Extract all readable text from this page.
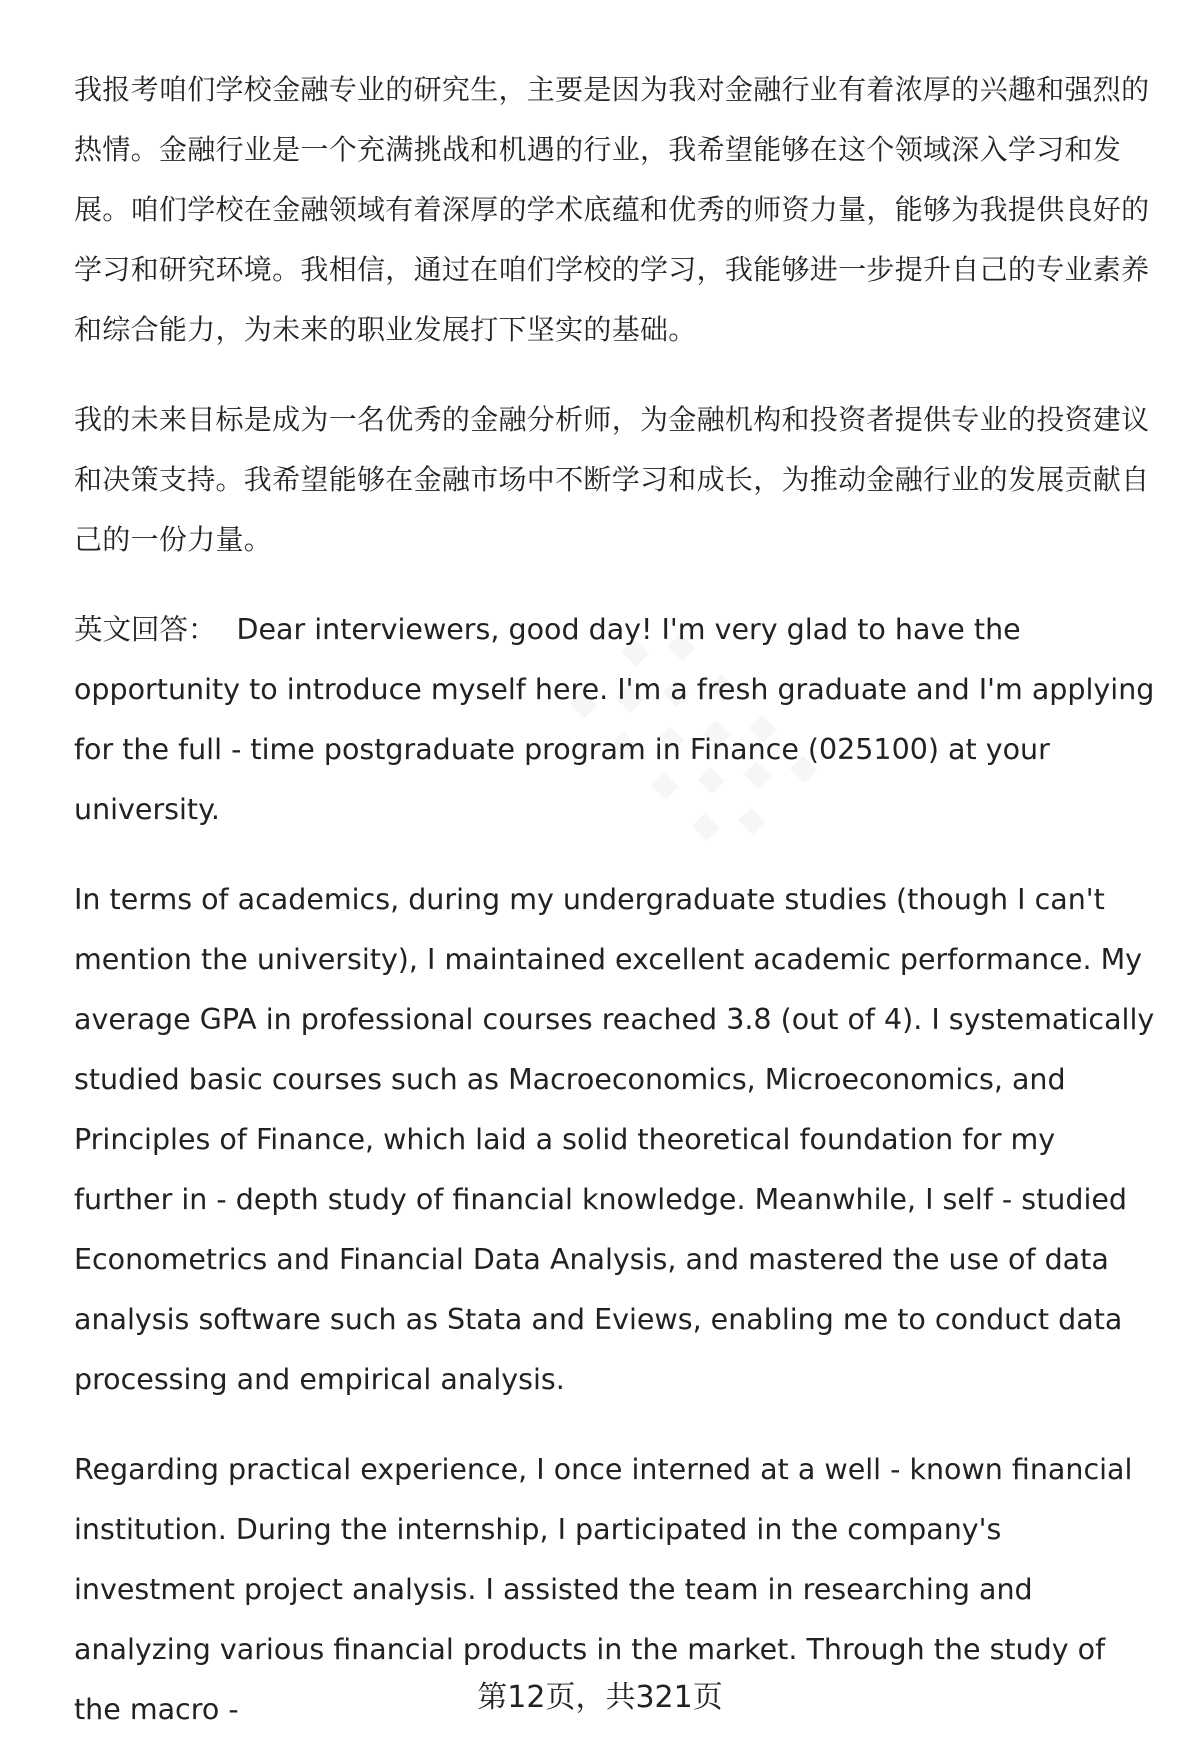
我报考咱们学校金融专业的研究生，主要是因为我对金融行业有着浓厚的兴趣和强烈的热情。金融行业是一个充满挑战和机遇的行业，我希望能够在这个领域深入学习和发展。咱们学校在金融领域有着深厚的学术底蕴和优秀的师资力量，能够为我提供良好的学习和研究环境。我相信，通过在咱们学校的学习，我能够进一步提升自己的专业素养和综合能力，为未来的职业发展打下坚实的基础。

我的未来目标是成为一名优秀的金融分析师，为金融机构和投资者提供专业的投资建议和决策支持。我希望能够在金融市场中不断学习和成长，为推动金融行业的发展贡献自己的一份力量。

英文回答： Dear interviewers, good day! I'm very glad to have the opportunity to introduce myself here. I'm a fresh graduate and I'm applying for the full - time postgraduate program in Finance (025100) at your university.

In terms of academics, during my undergraduate studies (though I can't mention the university), I maintained excellent academic performance. My average GPA in professional courses reached 3.8 (out of 4). I systematically studied basic courses such as Macroeconomics, Microeconomics, and Principles of Finance, which laid a solid theoretical foundation for my further in - depth study of financial knowledge. Meanwhile, I self - studied Econometrics and Financial Data Analysis, and mastered the use of data analysis software such as Stata and Eviews, enabling me to conduct data processing and empirical analysis.

Regarding practical experience, I once interned at a well - known financial institution. During the internship, I participated in the company's investment project analysis. I assisted the team in researching and analyzing various financial products in the market. Through the study of the macro -	第12页，共321页
